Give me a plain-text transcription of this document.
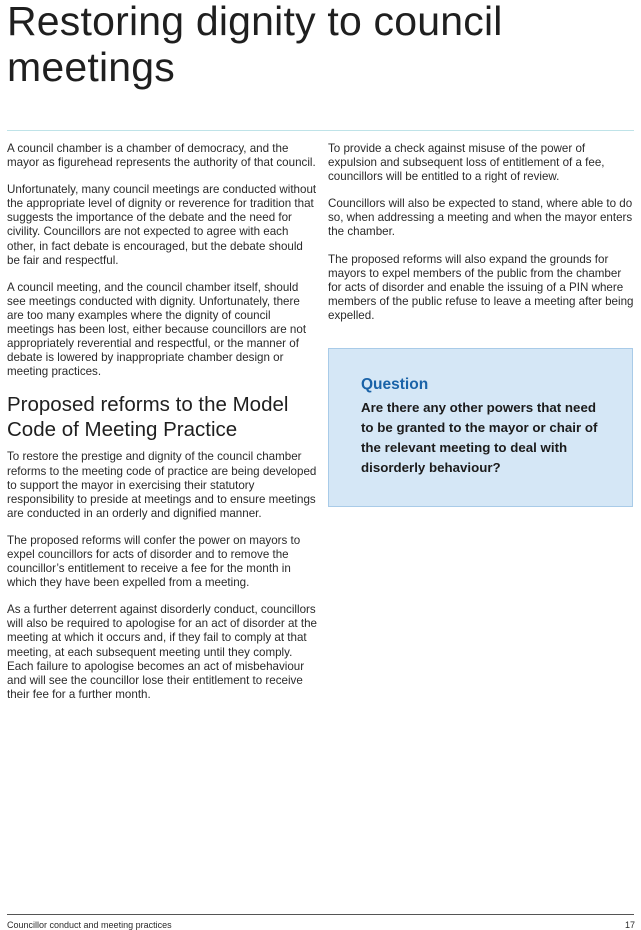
Restoring dignity to council meetings

A council chamber is a chamber of democracy, and the mayor as figurehead represents the authority of that council.

Unfortunately, many council meetings are conducted without the appropriate level of dignity or reverence for tradition that suggests the importance of the debate and the need for civility. Councillors are not expected to agree with each other, in fact debate is encouraged, but the debate should be fair and respectful.

A council meeting, and the council chamber itself, should see meetings conducted with dignity. Unfortunately, there are too many examples where the dignity of council meetings has been lost, either because councillors are not appropriately reverential and respectful, or the manner of debate is lowered by inappropriate chamber design or meeting practices.

Proposed reforms to the Model Code of Meeting Practice

To restore the prestige and dignity of the council chamber reforms to the meeting code of practice are being developed to support the mayor in exercising their statutory responsibility to preside at meetings and to ensure meetings are conducted in an orderly and dignified manner.

The proposed reforms will confer the power on mayors to expel councillors for acts of disorder and to remove the councillor’s entitlement to receive a fee for the month in which they have been expelled from a meeting.

As a further deterrent against disorderly conduct, councillors will also be required to apologise for an act of disorder at the meeting at which it occurs and, if they fail to comply at that meeting, at each subsequent meeting until they comply. Each failure to apologise becomes an act of misbehaviour and will see the councillor lose their entitlement to receive their fee for a further month.

To provide a check against misuse of the power of expulsion and subsequent loss of entitlement of a fee, councillors will be entitled to a right of review.

Councillors will also be expected to stand, where able to do so, when addressing a meeting and when the mayor enters the chamber.

The proposed reforms will also expand the grounds for mayors to expel members of the public from the chamber for acts of disorder and enable the issuing of a PIN where members of the public refuse to leave a meeting after being expelled.

Question
Are there any other powers that need to be granted to the mayor or chair of the relevant meeting to deal with disorderly behaviour?
Councillor conduct and meeting practices	17
